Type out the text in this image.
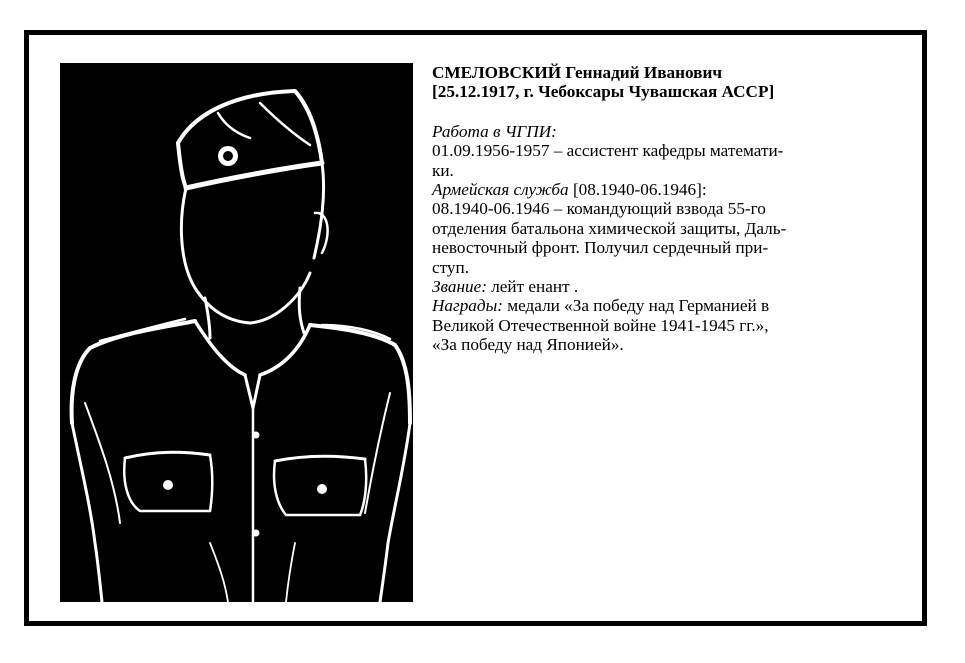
СМЕЛОВСКИЙ Геннадий Иванович
[25.12.1917, г. Чебоксары Чувашская АССР]
Работа в ЧГПИ:
01.09.1956-1957 – ассистент кафедры математи-
ки.
Армейская служба [08.1940-06.1946]:
08.1940-06.1946 – командующий взвода 55-го
отделения батальона химической защиты, Даль-
невосточный фронт. Получил сердечный при-
ступ.
Звание: лейт енант .
Награды: медали «За победу над Германией в
Великой Отечественной войне 1941-1945 гг.»,
«За победу над Японией».
